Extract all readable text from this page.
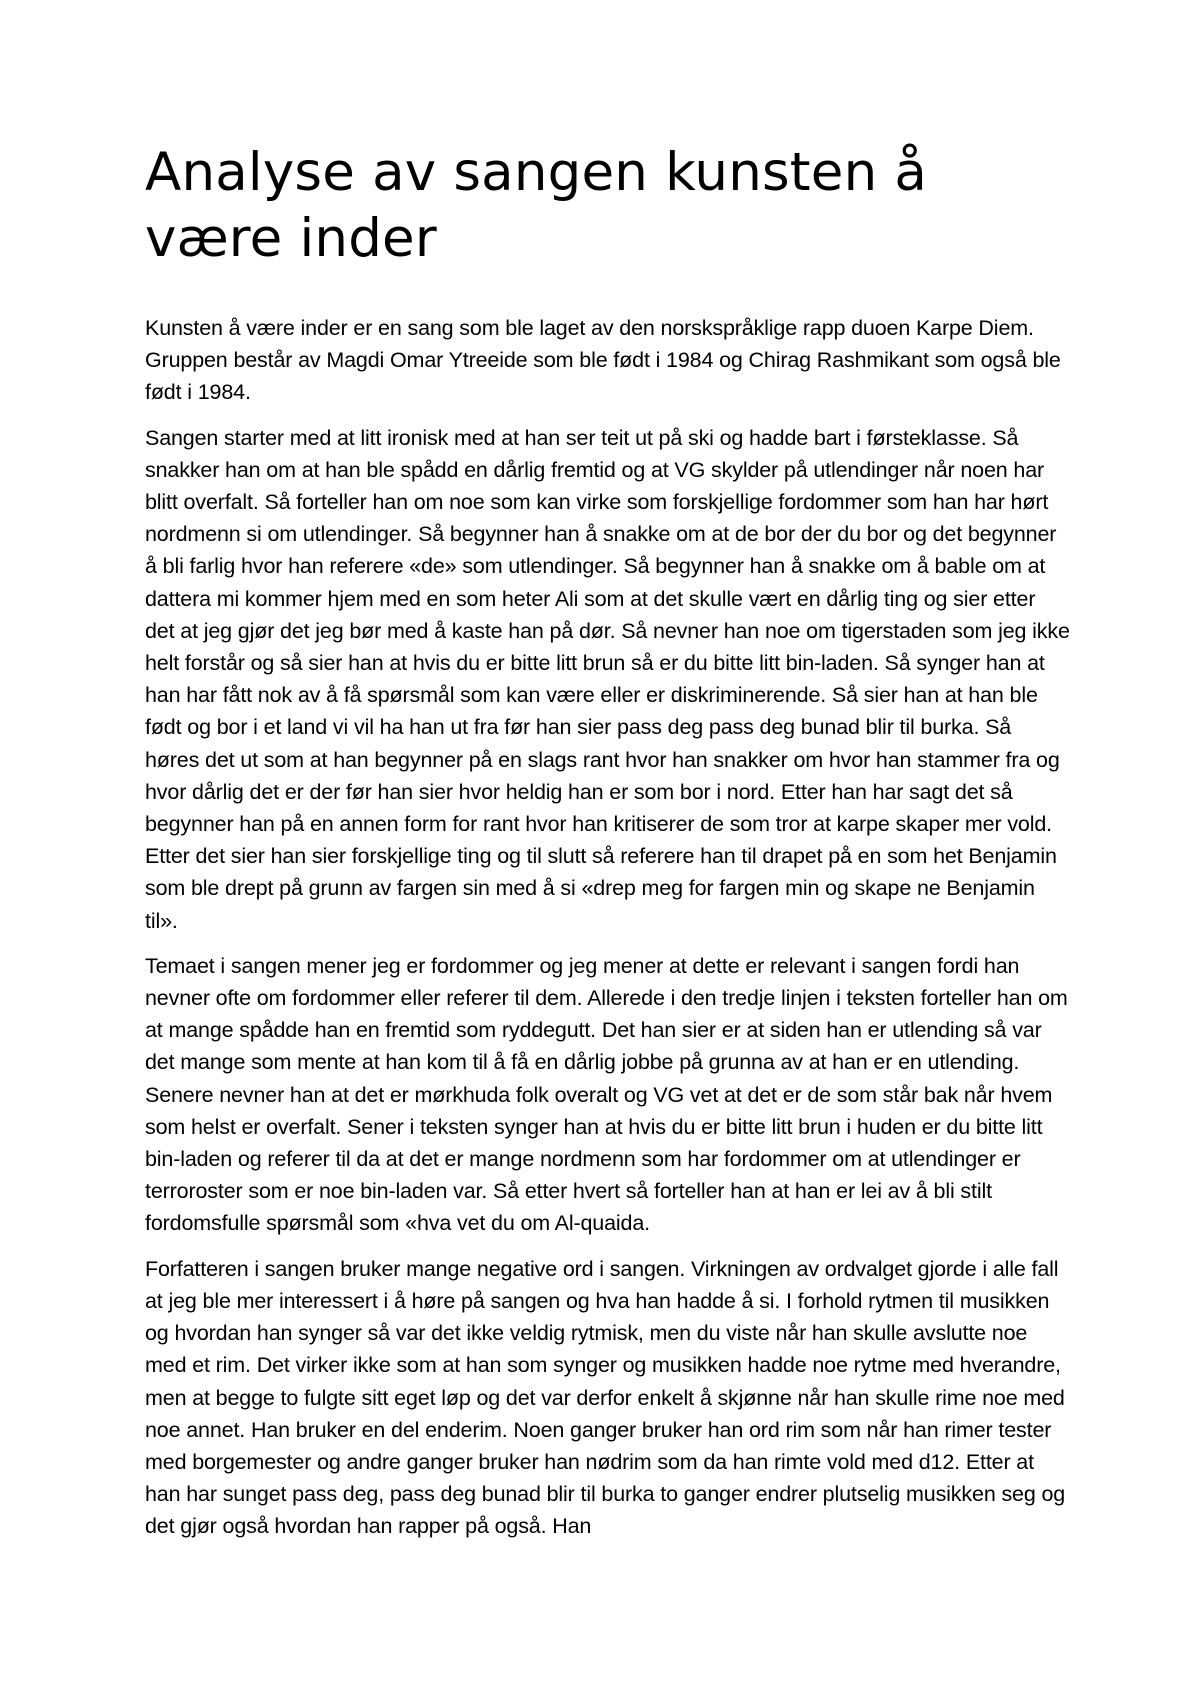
Analyse av sangen kunsten å være inder

Kunsten å være inder er en sang som ble laget av den norskspråklige rapp duoen Karpe Diem. Gruppen består av Magdi Omar Ytreeide som ble født i 1984 og Chirag Rashmikant som også ble født i 1984.

Sangen starter med at litt ironisk med at han ser teit ut på ski og hadde bart i førsteklasse. Så snakker han om at han ble spådd en dårlig fremtid og at VG skylder på utlendinger når noen har blitt overfalt. Så forteller han om noe som kan virke som forskjellige fordommer som han har hørt nordmenn si om utlendinger. Så begynner han å snakke om at de bor der du bor og det begynner å bli farlig hvor han referere «de» som utlendinger. Så begynner han å snakke om å bable om at dattera mi kommer hjem med en som heter Ali som at det skulle vært en dårlig ting og sier etter det at jeg gjør det jeg bør med å kaste han på dør. Så nevner han noe om tigerstaden som jeg ikke helt forstår og så sier han at hvis du er bitte litt brun så er du bitte litt bin-laden. Så synger han at han har fått nok av å få spørsmål som kan være eller er diskriminerende. Så sier han at han ble født og bor i et land vi vil ha han ut fra før han sier pass deg pass deg bunad blir til burka. Så høres det ut som at han begynner på en slags rant hvor han snakker om hvor han stammer fra og hvor dårlig det er der før han sier hvor heldig han er som bor i nord. Etter han har sagt det så begynner han på en annen form for rant hvor han kritiserer de som tror at karpe skaper mer vold. Etter det sier han sier forskjellige ting og til slutt så referere han til drapet på en som het Benjamin som ble drept på grunn av fargen sin med å si «drep meg for fargen min og skape ne Benjamin til».

Temaet i sangen mener jeg er fordommer og jeg mener at dette er relevant i sangen fordi han nevner ofte om fordommer eller referer til dem. Allerede i den tredje linjen i teksten forteller han om at mange spådde han en fremtid som ryddegutt. Det han sier er at siden han er utlending så var det mange som mente at han kom til å få en dårlig jobbe på grunna av at han er en utlending. Senere nevner han at det er mørkhuda folk overalt og VG vet at det er de som står bak når hvem som helst er overfalt. Sener i teksten synger han at hvis du er bitte litt brun i huden er du bitte litt bin-laden og referer til da at det er mange nordmenn som har fordommer om at utlendinger er terroroster som er noe bin-laden var. Så etter hvert så forteller han at han er lei av å bli stilt fordomsfulle spørsmål som «hva vet du om Al-quaida.

Forfatteren i sangen bruker mange negative ord i sangen. Virkningen av ordvalget gjorde i alle fall at jeg ble mer interessert i å høre på sangen og hva han hadde å si. I forhold rytmen til musikken og hvordan han synger så var det ikke veldig rytmisk, men du viste når han skulle avslutte noe med et rim. Det virker ikke som at han som synger og musikken hadde noe rytme med hverandre, men at begge to fulgte sitt eget løp og det var derfor enkelt å skjønne når han skulle rime noe med noe annet. Han bruker en del enderim. Noen ganger bruker han ord rim som når han rimer tester med borgemester og andre ganger bruker han nødrim som da han rimte vold med d12. Etter at han har sunget pass deg, pass deg bunad blir til burka to ganger endrer plutselig musikken seg og det gjør også hvordan han rapper på også. Han
